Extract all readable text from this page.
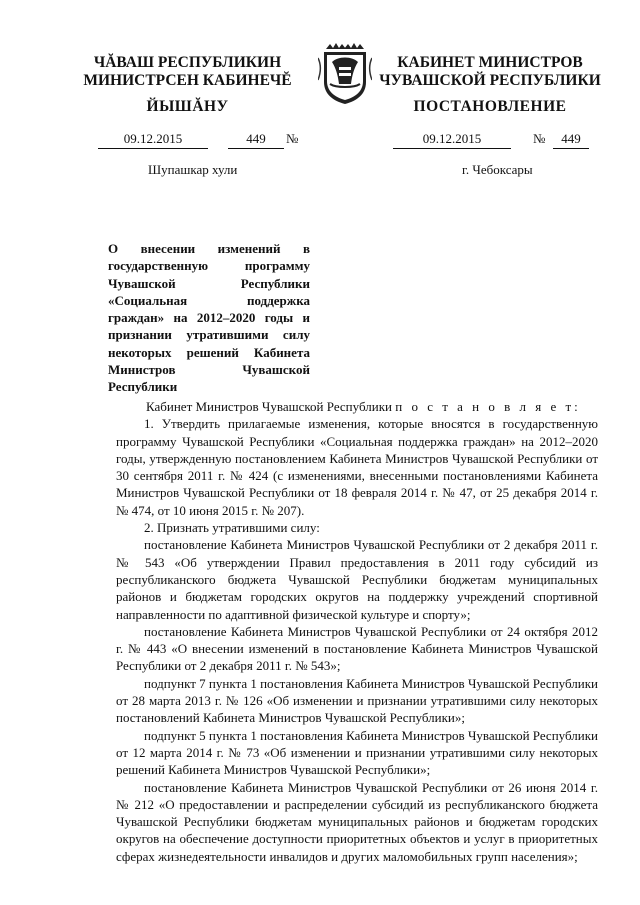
ЧĂВАШ РЕСПУБЛИКИН
МИНИСТРСЕН КАБИНЕЧĔ
ЙЫШĂНУ
КАБИНЕТ МИНИСТРОВ
ЧУВАШСКОЙ РЕСПУБЛИКИ
ПОСТАНОВЛЕНИЕ
09.12.2015	449	№	09.12.2015	№	449
Шупашкар хули	г. Чебоксары
О внесении изменений в государственную программу Чувашской Республики «Социальная поддержка граждан» на 2012–2020 годы и признании утратившими силу некоторых решений Кабинета Министров Чувашской Республики

Кабинет Министров Чувашской Республики п о с т а н о в л я е т:

1. Утвердить прилагаемые изменения, которые вносятся в государственную программу Чувашской Республики «Социальная поддержка граждан» на 2012–2020 годы, утвержденную постановлением Кабинета Министров Чувашской Республики от 30 сентября 2011 г. № 424 (с изменениями, внесенными постановлениями Кабинета Министров Чувашской Республики от 18 февраля 2014 г. № 47, от 25 декабря 2014 г. № 474, от 10 июня 2015 г. № 207).

2. Признать утратившими силу:

постановление Кабинета Министров Чувашской Республики от 2 декабря 2011 г. № 543 «Об утверждении Правил предоставления в 2011 году субсидий из республиканского бюджета Чувашской Республики бюджетам муниципальных районов и бюджетам городских округов на поддержку учреждений спортивной направленности по адаптивной физической культуре и спорту»;

постановление Кабинета Министров Чувашской Республики от 24 октября 2012 г. № 443 «О внесении изменений в постановление Кабинета Министров Чувашской Республики от 2 декабря 2011 г. № 543»;

подпункт 7 пункта 1 постановления Кабинета Министров Чувашской Республики от 28 марта 2013 г. № 126 «Об изменении и признании утратившими силу некоторых постановлений Кабинета Министров Чувашской Республики»;

подпункт 5 пункта 1 постановления Кабинета Министров Чувашской Республики от 12 марта 2014 г. № 73 «Об изменении и признании утратившими силу некоторых решений Кабинета Министров Чувашской Республики»;

постановление Кабинета Министров Чувашской Республики от 26 июня 2014 г. № 212 «О предоставлении и распределении субсидий из республиканского бюджета Чувашской Республики бюджетам муниципальных районов и бюджетам городских округов на обеспечение доступности приоритетных объектов и услуг в приоритетных сферах жизнедеятельности инвалидов и других маломобильных групп населения»;
